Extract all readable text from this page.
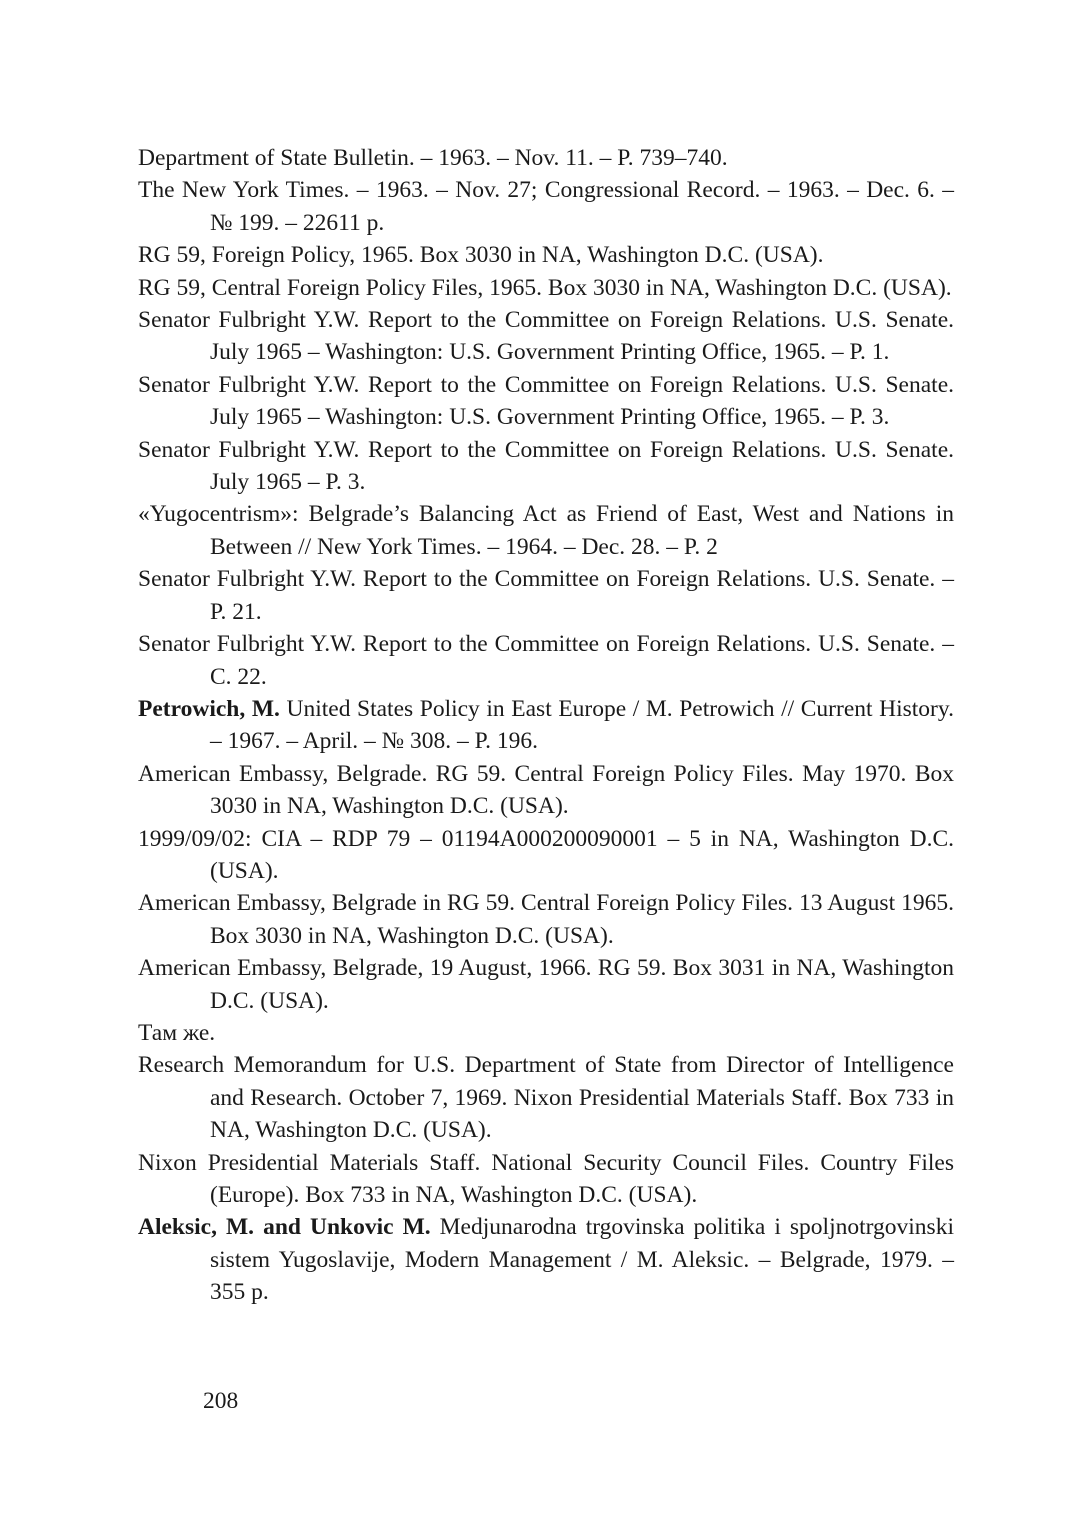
Department of State Bulletin. – 1963. – Nov. 11. – P. 739–740.
The New York Times. – 1963. – Nov. 27; Congressional Record. – 1963. – Dec. 6. – № 199. – 22611 p.
RG 59, Foreign Policy, 1965. Box 3030 in NA, Washington D.C. (USA).
RG 59, Central Foreign Policy Files, 1965. Box 3030 in NA, Washington D.C. (USA).
Senator Fulbright Y.W. Report to the Committee on Foreign Relations. U.S. Senate. July 1965 – Washington: U.S. Government Printing Office, 1965. – P. 1.
Senator Fulbright Y.W. Report to the Committee on Foreign Relations. U.S. Senate. July 1965 – Washington: U.S. Government Printing Office, 1965. – P. 3.
Senator Fulbright Y.W. Report to the Committee on Foreign Relations. U.S. Senate. July 1965 – P. 3.
«Yugocentrism»: Belgrade’s Balancing Act as Friend of East, West and Nations in Between // New York Times. – 1964. – Dec. 28. – P. 2
Senator Fulbright Y.W. Report to the Committee on Foreign Relations. U.S. Senate. – P. 21.
Senator Fulbright Y.W. Report to the Committee on Foreign Relations. U.S. Senate. – C. 22.
Petrowich, M. United States Policy in East Europe / M. Petrowich // Current History. – 1967. – April. – № 308. – P. 196.
American Embassy, Belgrade. RG 59. Central Foreign Policy Files. May 1970. Box 3030 in NA, Washington D.C. (USA).
1999/09/02: CIA – RDP 79 – 01194A000200090001 – 5 in NA, Washington D.C. (USA).
American Embassy, Belgrade in RG 59. Central Foreign Policy Files. 13 August 1965. Box 3030 in NA, Washington D.C. (USA).
American Embassy, Belgrade, 19 August, 1966. RG 59. Box 3031 in NA, Washington D.C. (USA).
Там же.
Research Memorandum for U.S. Department of State from Director of Intelligence and Research. October 7, 1969. Nixon Presidential Materials Staff. Box 733 in NA, Washington D.C. (USA).
Nixon Presidential Materials Staff. National Security Council Files. Country Files (Europe). Box 733 in NA, Washington D.C. (USA).
Aleksic, M. and Unkovic M. Medjunarodna trgovinska politika i spoljnotrgovinski sistem Yugoslavije, Modern Management / M. Aleksic. – Belgrade, 1979. – 355 p.
208
